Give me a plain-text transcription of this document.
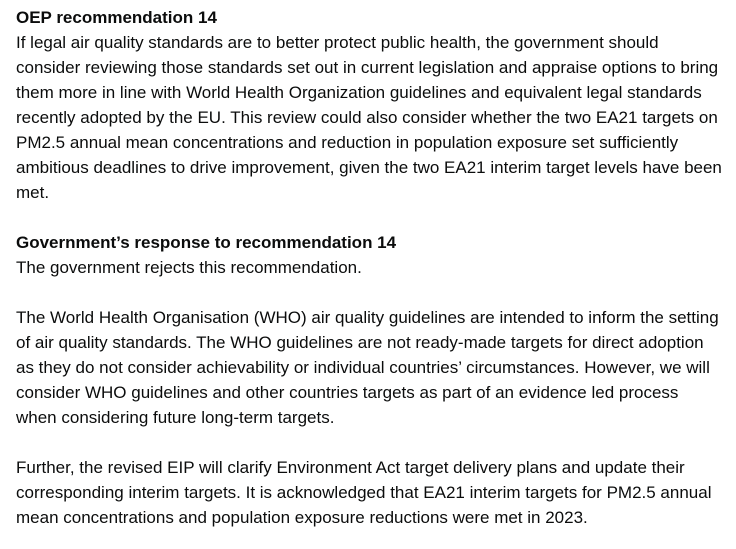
OEP recommendation 14

If legal air quality standards are to better protect public health, the government should consider reviewing those standards set out in current legislation and appraise options to bring them more in line with World Health Organization guidelines and equivalent legal standards recently adopted by the EU. This review could also consider whether the two EA21 targets on PM2.5 annual mean concentrations and reduction in population exposure set sufficiently ambitious deadlines to drive improvement, given the two EA21 interim target levels have been met.

Government’s response to recommendation 14

The government rejects this recommendation.

The World Health Organisation (WHO) air quality guidelines are intended to inform the setting of air quality standards. The WHO guidelines are not ready-made targets for direct adoption as they do not consider achievability or individual countries’ circumstances. However, we will consider WHO guidelines and other countries targets as part of an evidence led process when considering future long-term targets.

Further, the revised EIP will clarify Environment Act target delivery plans and update their corresponding interim targets. It is acknowledged that EA21 interim targets for PM2.5 annual mean concentrations and population exposure reductions were met in 2023.
